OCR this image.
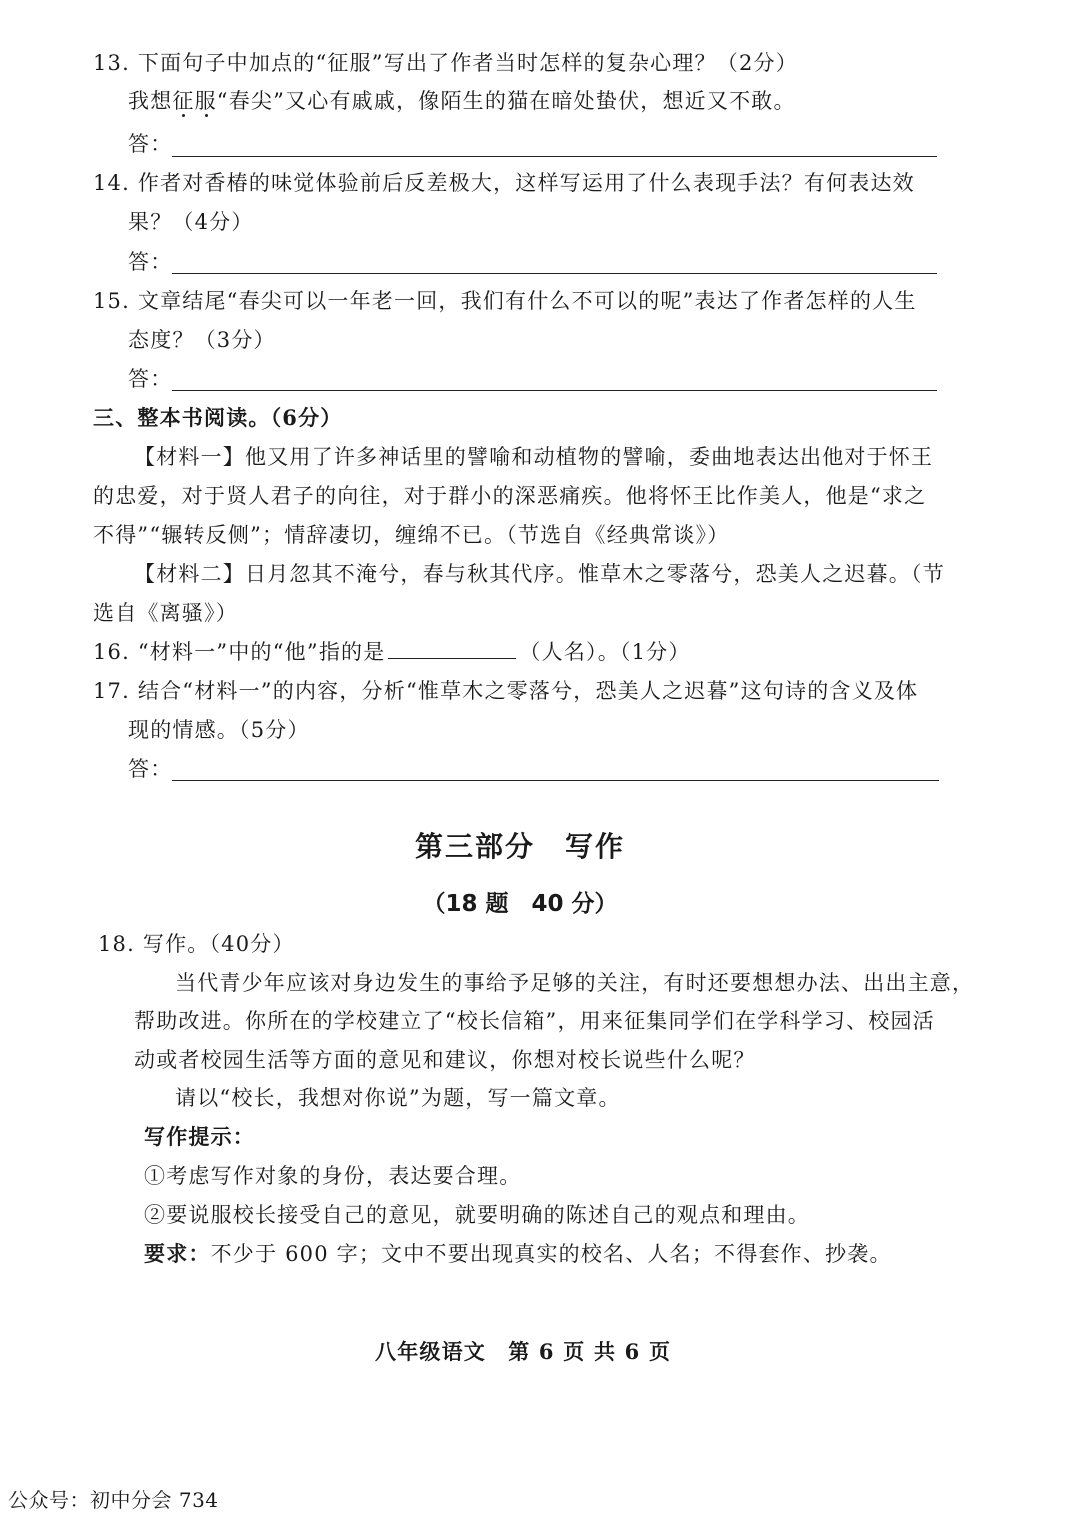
13. 下面句子中加点的“征服”写出了作者当时怎样的复杂心理？（2分）
我想征服“春尖”又心有戚戚，像陌生的猫在暗处蛰伏，想近又不敢。
答：
14. 作者对香椿的味觉体验前后反差极大，这样写运用了什么表现手法？有何表达效
果？（4分）
答：
15. 文章结尾“春尖可以一年老一回，我们有什么不可以的呢”表达了作者怎样的人生
态度？（3分）
答：
三、整本书阅读。（6分）
【材料一】他又用了许多神话里的譬喻和动植物的譬喻，委曲地表达出他对于怀王
的忠爱，对于贤人君子的向往，对于群小的深恶痛疾。他将怀王比作美人，他是“求之
不得”“辗转反侧”；情辞凄切，缠绵不已。（节选自《经典常谈》）
【材料二】日月忽其不淹兮，春与秋其代序。惟草木之零落兮，恐美人之迟暮。（节
选自《离骚》）
16. “材料一”中的“他”指的是	（人名）。（1分）
17. 结合“材料一”的内容，分析“惟草木之零落兮，恐美人之迟暮”这句诗的含义及体
现的情感。（5分）
答：
第三部分　写作
（18 题　40 分）
18. 写作。（40分）
当代青少年应该对身边发生的事给予足够的关注，有时还要想想办法、出出主意，
帮助改进。你所在的学校建立了“校长信箱”，用来征集同学们在学科学习、校园活
动或者校园生活等方面的意见和建议，你想对校长说些什么呢？
请以“校长，我想对你说”为题，写一篇文章。
写作提示：
①考虑写作对象的身份，表达要合理。
②要说服校长接受自己的意见，就要明确的陈述自己的观点和理由。
要求：不少于 600 字；文中不要出现真实的校名、人名；不得套作、抄袭。
八年级语文　第 6 页 共 6 页
公众号：初中分会 734
